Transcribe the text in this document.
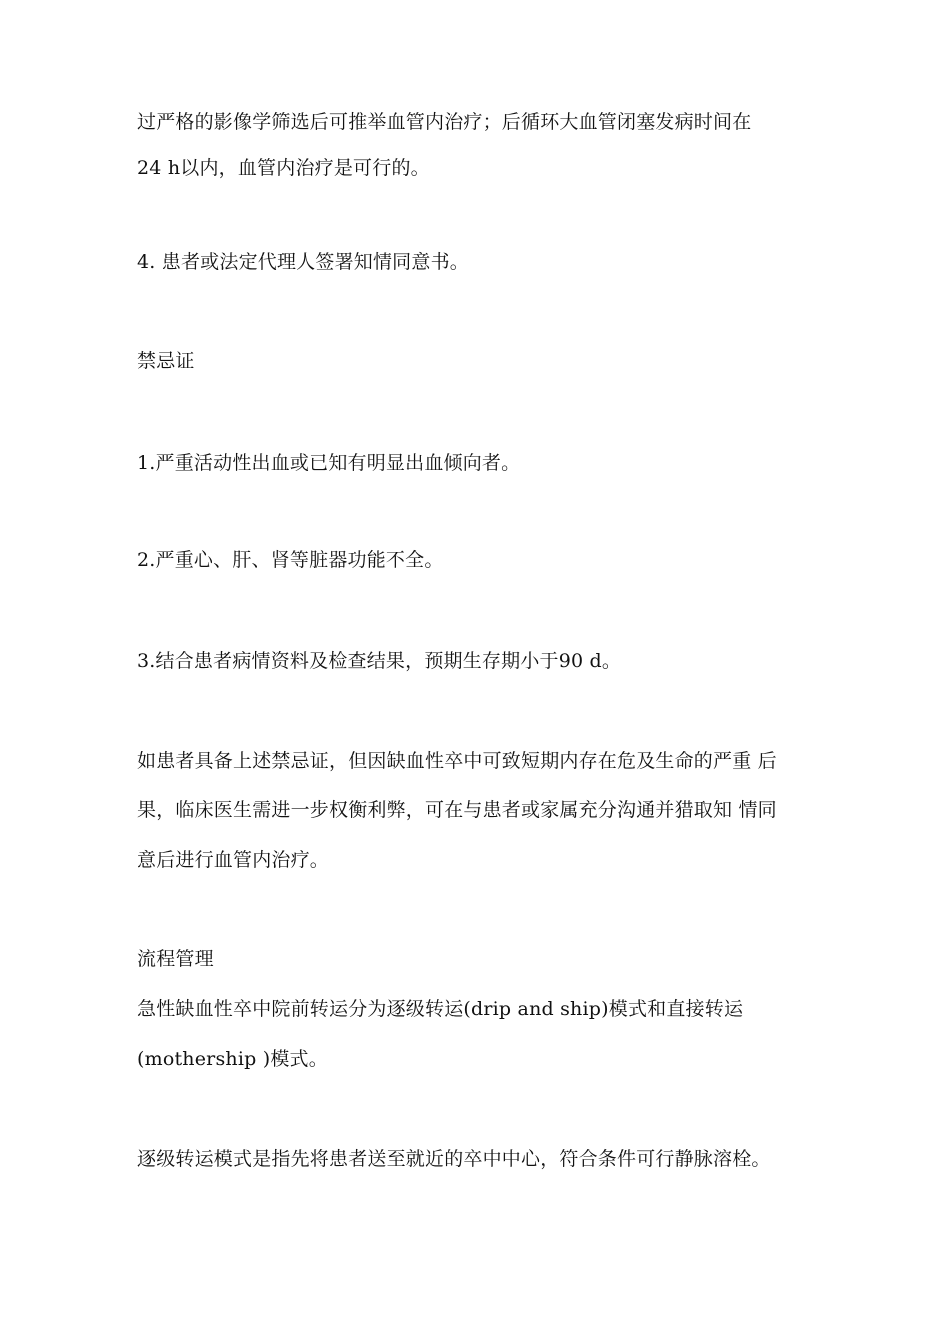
过严格的影像学筛选后可推举血管内治疗；后循环大血管闭塞发病时间在
24 h以内，血管内治疗是可行的。
4. 患者或法定代理人签署知情同意书。
禁忌证
1.严重活动性出血或已知有明显出血倾向者。
2.严重心、肝、肾等脏器功能不全。
3.结合患者病情资料及检查结果，预期生存期小于90 d。
如患者具备上述禁忌证，但因缺血性卒中可致短期内存在危及生命的严重 后
果，临床医生需进一步权衡利弊，可在与患者或家属充分沟通并猎取知 情同
意后进行血管内治疗。
流程管理
急性缺血性卒中院前转运分为逐级转运(drip and ship)模式和直接转运
(mothership )模式。
逐级转运模式是指先将患者送至就近的卒中中心，符合条件可行静脉溶栓。
